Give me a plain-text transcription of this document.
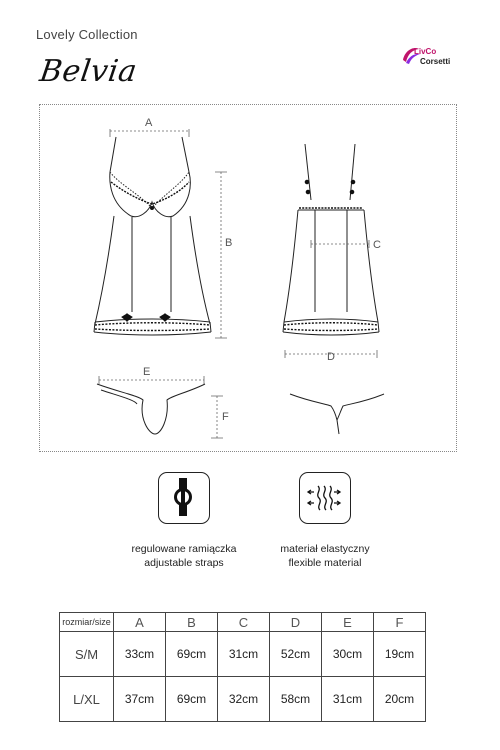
Lovely Collection
Belvia
LivCo
Corsetti
A
B	C
D
E
F
regulowane ramiączka
adjustable straps
materiał elastyczny
flexible material
rozmiar/size	A	B	C	D	E	F
S/M	33cm	69cm	31cm	52cm	30cm	19cm
L/XL	37cm	69cm	32cm	58cm	31cm	20cm
